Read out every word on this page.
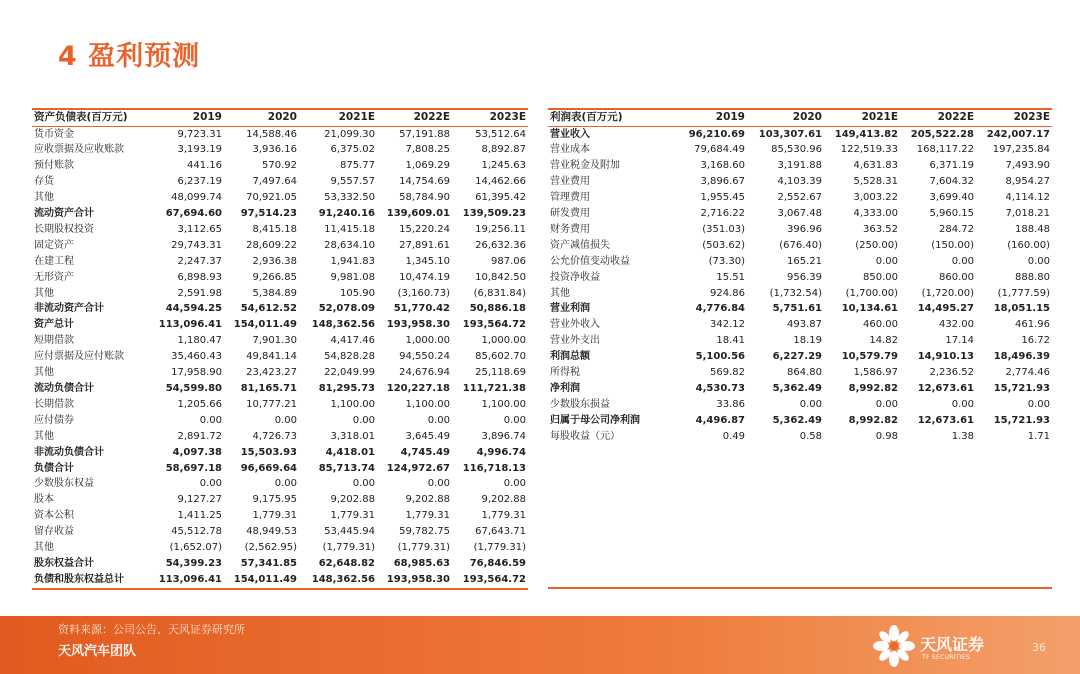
4 盈利预测
资产负债表(百万元)	2019	2020	2021E	2022E	2023E
货币资金	9,723.31	14,588.46	21,099.30	57,191.88	53,512.64
应收票据及应收账款	3,193.19	3,936.16	6,375.02	7,808.25	8,892.87
预付账款	441.16	570.92	875.77	1,069.29	1,245.63
存货	6,237.19	7,497.64	9,557.57	14,754.69	14,462.66
其他	48,099.74	70,921.05	53,332.50	58,784.90	61,395.42
流动资产合计	67,694.60	97,514.23	91,240.16	139,609.01	139,509.23
长期股权投资	3,112.65	8,415.18	11,415.18	15,220.24	19,256.11
固定资产	29,743.31	28,609.22	28,634.10	27,891.61	26,632.36
在建工程	2,247.37	2,936.38	1,941.83	1,345.10	987.06
无形资产	6,898.93	9,266.85	9,981.08	10,474.19	10,842.50
其他	2,591.98	5,384.89	105.90	(3,160.73)	(6,831.84)
非流动资产合计	44,594.25	54,612.52	52,078.09	51,770.42	50,886.18
资产总计	113,096.41	154,011.49	148,362.56	193,958.30	193,564.72
短期借款	1,180.47	7,901.30	4,417.46	1,000.00	1,000.00
应付票据及应付账款	35,460.43	49,841.14	54,828.28	94,550.24	85,602.70
其他	17,958.90	23,423.27	22,049.99	24,676.94	25,118.69
流动负债合计	54,599.80	81,165.71	81,295.73	120,227.18	111,721.38
长期借款	1,205.66	10,777.21	1,100.00	1,100.00	1,100.00
应付债券	0.00	0.00	0.00	0.00	0.00
其他	2,891.72	4,726.73	3,318.01	3,645.49	3,896.74
非流动负债合计	4,097.38	15,503.93	4,418.01	4,745.49	4,996.74
负债合计	58,697.18	96,669.64	85,713.74	124,972.67	116,718.13
少数股东权益	0.00	0.00	0.00	0.00	0.00
股本	9,127.27	9,175.95	9,202.88	9,202.88	9,202.88
资本公积	1,411.25	1,779.31	1,779.31	1,779.31	1,779.31
留存收益	45,512.78	48,949.53	53,445.94	59,782.75	67,643.71
其他	(1,652.07)	(2,562.95)	(1,779.31)	(1,779.31)	(1,779.31)
股东权益合计	54,399.23	57,341.85	62,648.82	68,985.63	76,846.59
负债和股东权益总计	113,096.41	154,011.49	148,362.56	193,958.30	193,564.72
利润表(百万元)	2019	2020	2021E	2022E	2023E
营业收入	96,210.69	103,307.61	149,413.82	205,522.28	242,007.17
营业成本	79,684.49	85,530.96	122,519.33	168,117.22	197,235.84
营业税金及附加	3,168.60	3,191.88	4,631.83	6,371.19	7,493.90
营业费用	3,896.67	4,103.39	5,528.31	7,604.32	8,954.27
管理费用	1,955.45	2,552.67	3,003.22	3,699.40	4,114.12
研发费用	2,716.22	3,067.48	4,333.00	5,960.15	7,018.21
财务费用	(351.03)	396.96	363.52	284.72	188.48
资产减值损失	(503.62)	(676.40)	(250.00)	(150.00)	(160.00)
公允价值变动收益	(73.30)	165.21	0.00	0.00	0.00
投资净收益	15.51	956.39	850.00	860.00	888.80
其他	924.86	(1,732.54)	(1,700.00)	(1,720.00)	(1,777.59)
营业利润	4,776.84	5,751.61	10,134.61	14,495.27	18,051.15
营业外收入	342.12	493.87	460.00	432.00	461.96
营业外支出	18.41	18.19	14.82	17.14	16.72
利润总额	5,100.56	6,227.29	10,579.79	14,910.13	18,496.39
所得税	569.82	864.80	1,586.97	2,236.52	2,774.46
净利润	4,530.73	5,362.49	8,992.82	12,673.61	15,721.93
少数股东损益	33.86	0.00	0.00	0.00	0.00
归属于母公司净利润	4,496.87	5,362.49	8,992.82	12,673.61	15,721.93
每股收益（元）	0.49	0.58	0.98	1.38	1.71

资料来源：公司公告、天风证券研究所
天风汽车团队	天风证券
TF SECURITIES
36
